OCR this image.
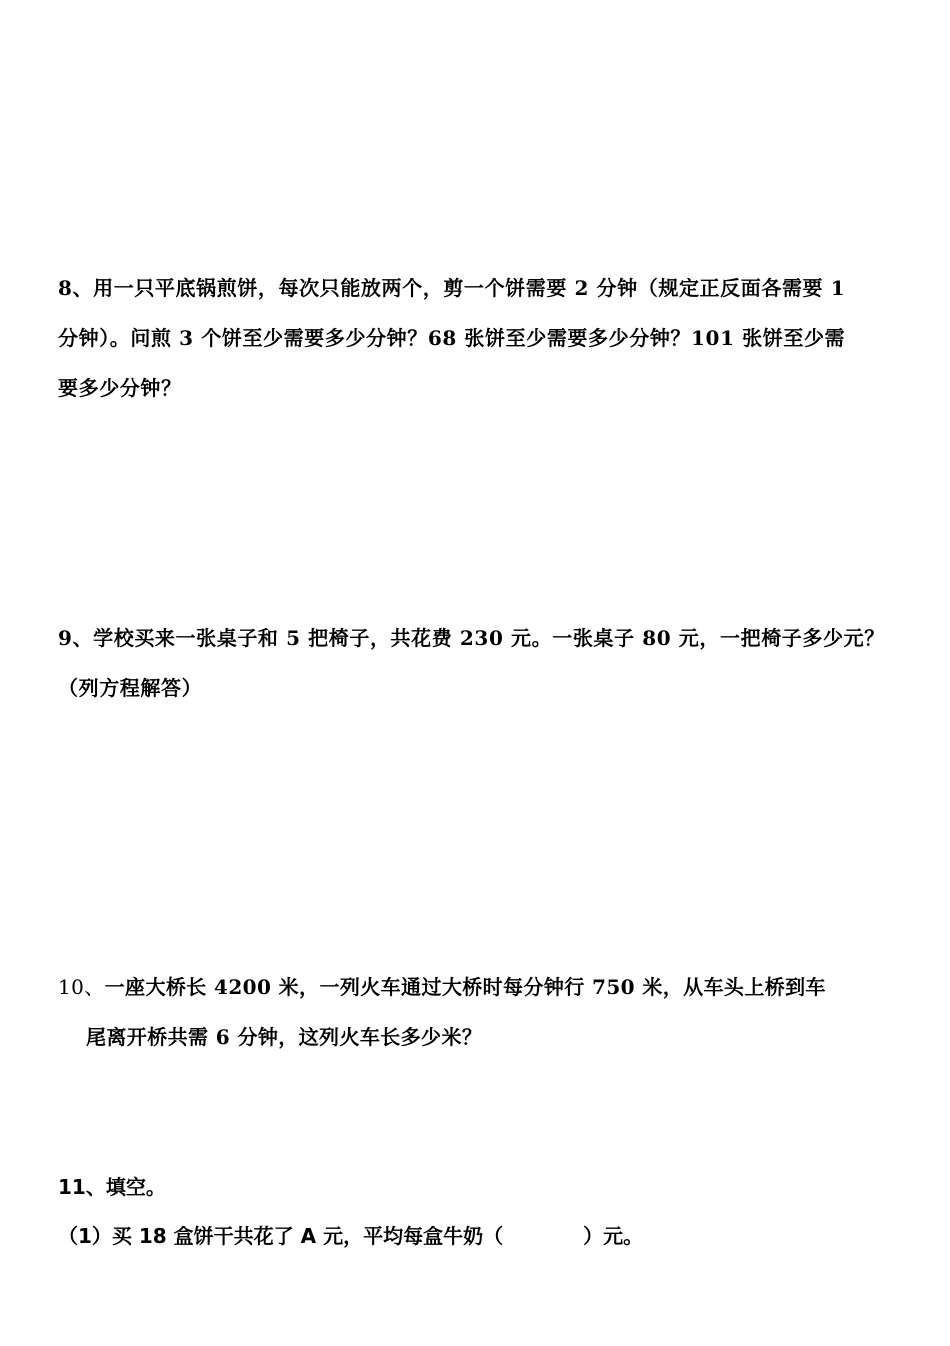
8、用一只平底锅煎饼，每次只能放两个，剪一个饼需要 2 分钟（规定正反面各需要 1
分钟）。问煎 3 个饼至少需要多少分钟？68 张饼至少需要多少分钟？101 张饼至少需
要多少分钟？
9、学校买来一张桌子和 5 把椅子，共花费 230 元。一张桌子 80 元，一把椅子多少元？
（列方程解答）
10、一座大桥长 4200 米，一列火车通过大桥时每分钟行 750 米，从车头上桥到车
尾离开桥共需 6 分钟，这列火车长多少米？
11、填空。
（1）买 18 盒饼干共花了 A 元，平均每盒牛奶（　　　　）元。
